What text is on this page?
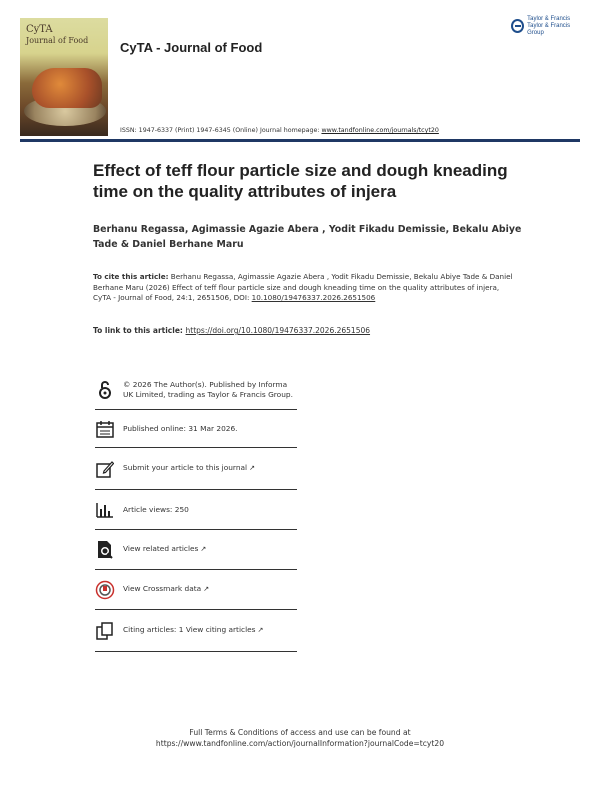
CyTA
Journal of Food CyTA - Journal of Food
Taylor & Francis
Taylor & Francis Group
ISSN: 1947-6337 (Print) 1947-6345 (Online) Journal homepage: www.tandfonline.com/journals/tcyt20
Effect of teff flour particle size and dough kneading time on the quality attributes of injera
Berhanu Regassa, Agimassie Agazie Abera , Yodit Fikadu Demissie, Bekalu Abiye Tade & Daniel Berhane Maru
To cite this article: Berhanu Regassa, Agimassie Agazie Abera , Yodit Fikadu Demissie, Bekalu Abiye Tade & Daniel Berhane Maru (2026) Effect of teff flour particle size and dough kneading time on the quality attributes of injera, CyTA - Journal of Food, 24:1, 2651506, DOI: 10.1080/19476337.2026.2651506
To link to this article: https://doi.org/10.1080/19476337.2026.2651506
© 2026 The Author(s). Published by Informa UK Limited, trading as Taylor & Francis Group.
Published online: 31 Mar 2026.
Submit your article to this journal ↗
Article views: 250
View related articles ↗
View Crossmark data ↗
Citing articles: 1 View citing articles ↗
Full Terms & Conditions of access and use can be found at
https://www.tandfonline.com/action/journalInformation?journalCode=tcyt20
